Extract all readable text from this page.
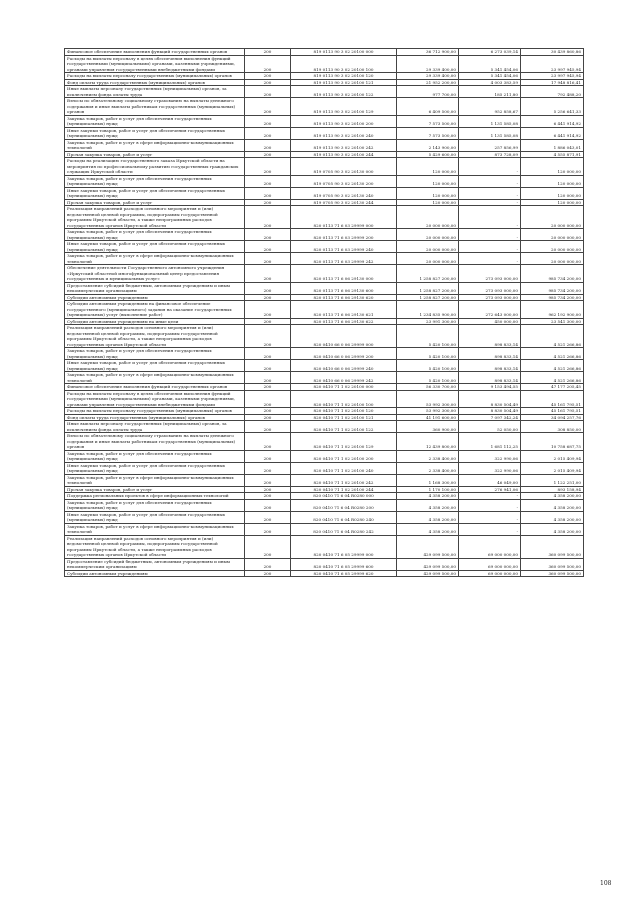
Финансовое обеспечение выполнения функций государственных органов	200	819 0113 90 3 02 20100 000	36 712 900,00	6 273 039,14	30 439 860,86
Расходы на выплаты персоналу в целях обеспечения выполнения функций государственными (муниципальными) органами, казенными учреждениями, органами управления государственными внебюджетными фондами	200	819 0113 90 3 02 20100 100	29 339 400,00	5 341 454,06	23 997 945,94
Расходы на выплаты персоналу государственных (муниципальных) органов	200	819 0113 90 3 02 20100 120	29 339 400,00	5 341 454,06	23 997 945,94
Фонд оплаты труда государственных (муниципальных) органов	200	819 0113 90 3 02 20100 121	21 952 200,00	4 003 383,59	17 948 816,41
Иные выплаты персоналу государственных (муниципальных) органов, за исключением фонда оплаты труда	200	819 0113 90 3 02 20100 122	977 700,00	185 211,80	792 488,20
Взносы по обязательному социальному страхованию на выплаты денежного содержания и иные выплаты работникам государственных (муниципальных) органов	200	819 0113 90 3 02 20100 129	6 409 500,00	952 858,67	5 256 641,33
Закупка товаров, работ и услуг для обеспечения государственных (муниципальных) нужд	200	819 0113 90 3 02 20100 200	7 573 500,00	1 131 585,08	6 441 914,92
Иные закупки товаров, работ и услуг для обеспечения государственных (муниципальных) нужд	200	819 0113 90 3 02 20100 240	7 573 500,00	1 131 585,08	6 441 914,92
Закупка товаров, работ и услуг в сфере информационно-коммуникационных технологий	200	819 0113 90 3 02 20100 242	2 143 900,00	257 856,99	1 886 043,01
Прочая закупка товаров, работ и услуг	200	819 0113 90 3 02 20100 244	5 429 600,00	873 728,09	4 555 871,91
Расходы на реализацию государственного заказа Иркутской области на мероприятия по профессиональному развитию государственных гражданских служащих Иркутской области	200	819 0705 90 3 02 20130 000	120 000,00	-	120 000,00
Закупка товаров, работ и услуг для обеспечения государственных (муниципальных) нужд	200	819 0705 90 3 02 20130 200	120 000,00	-	120 000,00
Иные закупки товаров, работ и услуг для обеспечения государственных (муниципальных) нужд	200	819 0705 90 3 02 20130 240	120 000,00	-	120 000,00
Прочая закупка товаров, работ и услуг	200	819 0705 90 3 02 20130 244	120 000,00	-	120 000,00
Реализация направлений расходов основного мероприятия и (или) ведомственной целевой программы, подпрограммы государственной программы Иркутской области, а также непрограммных расходов государственных органов Иркутской области	200	820 0113 71 6 03 29999 000	20 000 000,00	-	20 000 000,00
Закупка товаров, работ и услуг для обеспечения государственных (муниципальных) нужд	200	820 0113 71 6 03 29999 200	20 000 000,00	-	20 000 000,00
Иные закупки товаров, работ и услуг для обеспечения государственных (муниципальных) нужд	200	820 0113 71 6 03 29999 240	20 000 000,00	-	20 000 000,00
Закупка товаров, работ и услуг в сфере информационно-коммуникационных технологий	200	820 0113 71 6 03 29999 242	20 000 000,00	-	20 000 000,00
Обеспечение деятельности Государственного автономного учреждения «Иркутский областной многофункциональный центр предоставления государственных и муниципальных услуг»	200	820 0113 71 6 06 29130 000	1 258 827 200,00	273 093 000,00	985 734 200,00
Предоставление субсидий бюджетным, автономным учреждениям и иным некоммерческим организациям	200	820 0113 71 6 06 29130 600	1 258 827 200,00	273 093 000,00	985 734 200,00
Субсидии автономным учреждениям	200	820 0113 71 6 06 29130 620	1 258 827 200,00	273 093 000,00	985 734 200,00
Субсидии автономным учреждениям на финансовое обеспечение государственного (муниципального) задания на оказание государственных (муниципальных) услуг (выполнение работ)	200	820 0113 71 6 06 29130 621	1 234 835 900,00	272 643 000,00	962 192 900,00
Субсидии автономным учреждениям на иные цели	200	820 0113 71 6 06 29130 622	23 991 300,00	450 000,00	23 541 300,00
Реализация направлений расходов основного мероприятия и (или) ведомственной целевой программы, подпрограммы государственной программы Иркутской области, а также непрограммных расходов государственных органов Иркутской области	200	820 0410 66 0 06 29999 000	5 420 100,00	898 833,14	4 521 266,86
Закупка товаров, работ и услуг для обеспечения государственных (муниципальных) нужд	200	820 0410 66 0 06 29999 200	5 420 100,00	898 833,14	4 521 266,86
Иные закупки товаров, работ и услуг для обеспечения государственных (муниципальных) нужд	200	820 0410 66 0 06 29999 240	5 420 100,00	898 833,14	4 521 266,86
Закупка товаров, работ и услуг в сфере информационно-коммуникационных технологий	200	820 0410 66 0 06 29999 242	5 420 100,00	898 833,14	4 521 266,86
Финансовое обеспечение выполнения функций государственных органов	200	820 0410 71 1 02 20100 000	56 330 700,00	9 153 494,55	47 177 205,45
Расходы на выплаты персоналу в целях обеспечения выполнения функций государственными (муниципальными) органами, казенными учреждениями, органами управления государственными внебюджетными фондами	200	820 0410 71 1 02 20100 100	53 992 300,00	8 830 504,49	45 161 795,51
Расходы на выплаты персоналу государственных (муниципальных) органов	200	820 0410 71 1 02 20100 120	53 992 300,00	8 830 504,49	45 161 795,51
Фонд оплаты труда государственных (муниципальных) органов	200	820 0410 71 1 02 20100 121	41 191 600,00	7 097 342,24	34 094 257,76
Иные выплаты персоналу государственных (муниципальных) органов, за исключением фонда оплаты труда	200	820 0410 71 1 02 20100 122	360 900,00	52 050,00	308 850,00
Взносы по обязательному социальному страхованию на выплаты денежного содержания и иные выплаты работникам государственных (муниципальных) органов	200	820 0410 71 1 02 20100 129	12 439 800,00	1 681 112,25	10 758 687,75
Закупка товаров, работ и услуг для обеспечения государственных (муниципальных) нужд	200	820 0410 71 1 02 20100 200	2 338 400,00	322 990,06	2 015 409,94
Иные закупки товаров, работ и услуг для обеспечения государственных (муниципальных) нужд	200	820 0410 71 1 02 20100 240	2 338 400,00	322 990,06	2 015 409,94
Закупка товаров, работ и услуг в сфере информационно-коммуникационных технологий	200	820 0410 71 1 02 20100 242	1 168 300,00	46 049,00	1 122 251,00
Прочая закупка товаров, работ и услуг	200	820 0410 71 1 02 20100 244	1 170 100,00	276 941,06	893 158,94
Поддержка региональных проектов в сфере информационных технологий	200	820 0410 71 6 04 R0280 000	4 358 200,00	-	4 358 200,00
Закупка товаров, работ и услуг для обеспечения государственных (муниципальных) нужд	200	820 0410 71 6 04 R0280 200	4 358 200,00	-	4 358 200,00
Иные закупки товаров, работ и услуг для обеспечения государственных (муниципальных) нужд	200	820 0410 71 6 04 R0280 240	4 358 200,00	-	4 358 200,00
Закупка товаров, работ и услуг в сфере информационно-коммуникационных технологий	200	820 0410 71 6 04 R0280 242	4 358 200,00	-	4 358 200,00
Реализация направлений расходов основного мероприятия и (или) ведомственной целевой программы, подпрограммы государственной программы Иркутской области, а также непрограммных расходов государственных органов Иркутской области	200	820 0410 71 6 05 29999 000	429 099 500,00	69 000 000,00	360 099 500,00
Предоставление субсидий бюджетным, автономным учреждениям и иным некоммерческим организациям	200	820 0410 71 6 05 29999 600	429 099 500,00	69 000 000,00	360 099 500,00
Субсидии автономным учреждениям	200	820 0410 71 6 05 29999 620	429 099 500,00	69 000 000,00	360 099 500,00
108
